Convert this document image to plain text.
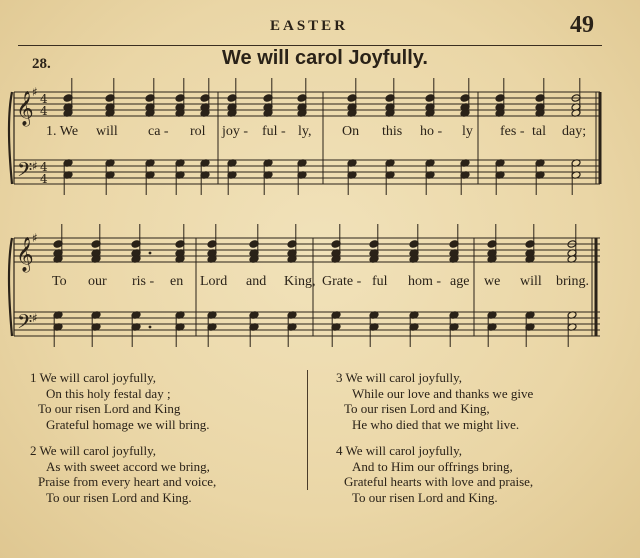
EASTER	49
28.	We will carol Joyfully.
𝄞
𝄢
♯
♯
4
4
4
4
𝄞
𝄢
♯
♯
1. We will ca - rol joy - ful - ly, On this ho - ly fes - tal day;
To our ris - en Lord and King, Grate - ful hom - age we will bring.
1 We will carol joyfully,
On this holy festal day ;
To our risen Lord and King
Grateful homage we will bring.
2 We will carol joyfully,
As with sweet accord we bring,
Praise from every heart and voice,
To our risen Lord and King.
3 We will carol joyfully,
While our love and thanks we give
To our risen Lord and King,
He who died that we might live.
4 We will carol joyfully,
And to Him our offrings bring,
Grateful hearts with love and praise,
To our risen Lord and King.
